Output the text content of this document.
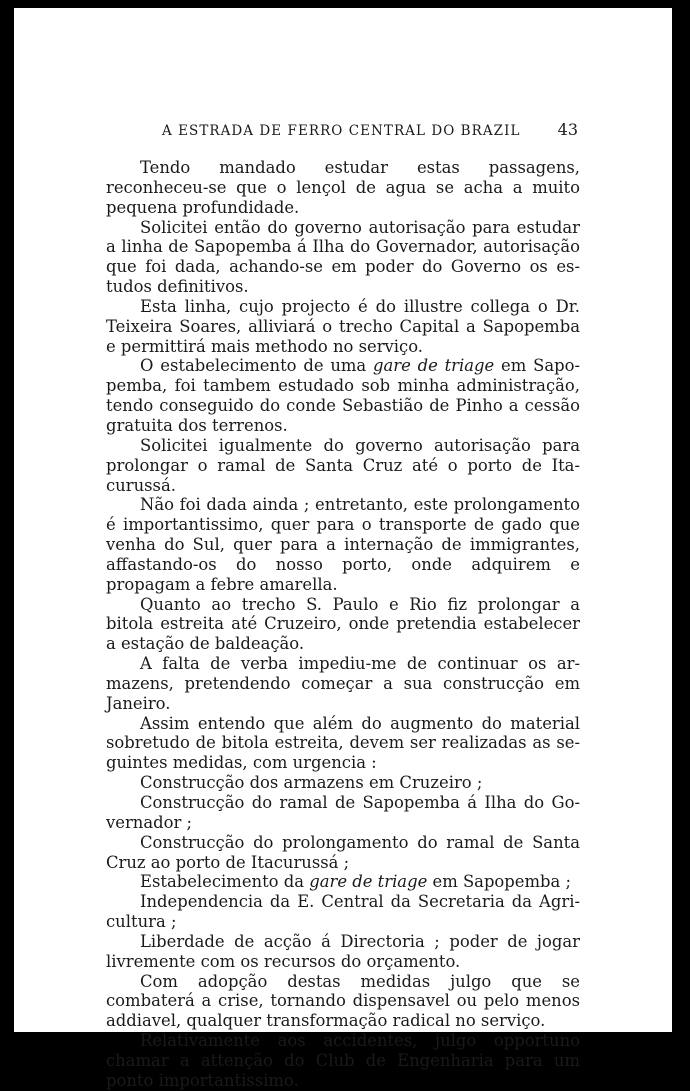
A ESTRADA DE FERRO CENTRAL DO BRAZIL 43

Tendo mandado estudar estas passagens, reconheceu-se que o lençol de agua se acha a muito pequena profundidade.

Solicitei então do governo autorisação para estudar a linha de Sapopemba á Ilha do Governador, autorisação que foi dada, achando-se em poder do Governo os estudos definitivos.

Esta linha, cujo projecto é do illustre collega o Dr. Teixeira Soares, alliviará o trecho Capital a Sapopemba e permittirá mais methodo no serviço.

O estabelecimento de uma gare de triage em Sapopemba, foi tambem estudado sob minha administração, tendo conseguido do conde Sebastião de Pinho a cessão gratuita dos terrenos.

Solicitei igualmente do governo autorisação para prolongar o ramal de Santa Cruz até o porto de Itacurussá.

Não foi dada ainda ; entretanto, este prolongamento é importantissimo, quer para o transporte de gado que venha do Sul, quer para a internação de immigrantes, affastando-os do nosso porto, onde adquirem e propagam a febre amarella.

Quanto ao trecho S. Paulo e Rio fiz prolongar a bitola estreita até Cruzeiro, onde pretendia estabelecer a estação de baldeação.

A falta de verba impediu-me de continuar os armazens, pretendendo começar a sua construcção em Janeiro.

Assim entendo que além do augmento do material sobretudo de bitola estreita, devem ser realizadas as seguintes medidas, com urgencia :

Construcção dos armazens em Cruzeiro ;

Construcção do ramal de Sapopemba á Ilha do Governador ;

Construcção do prolongamento do ramal de Santa Cruz ao porto de Itacurussá ;

Estabelecimento da gare de triage em Sapopemba ;

Independencia da E. Central da Secretaria da Agricultura ;

Liberdade de acção á Directoria ; poder de jogar livremente com os recursos do orçamento.

Com adopção destas medidas julgo que se combaterá a crise, tornando dispensavel ou pelo menos addiavel, qualquer transformação radical no serviço.

Relativamente aos accidentes, julgo opportuno chamar a attenção do Club de Engenharia para um ponto importantissimo.
